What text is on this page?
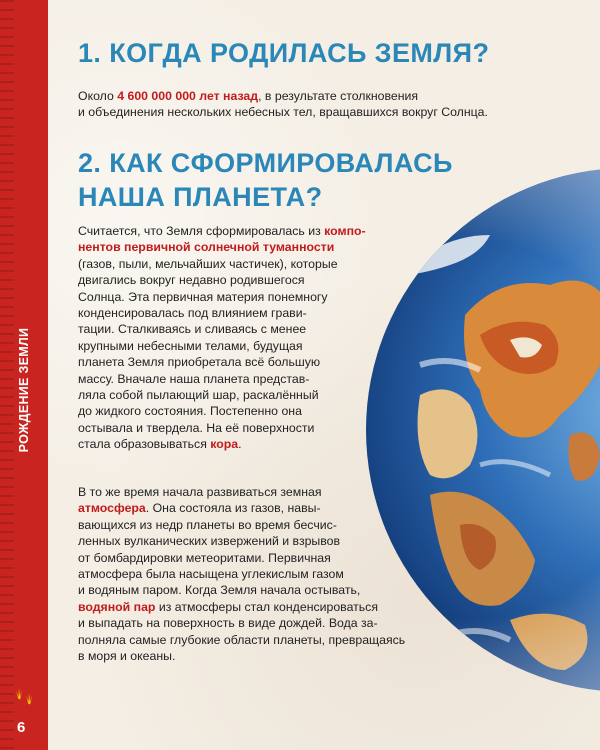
РОЖДЕНИЕ ЗЕМЛИ
6
1. КОГДА РОДИЛАСЬ ЗЕМЛЯ?

Около 4 600 000 000 лет назад, в результате столкновения
и объединения нескольких небесных тел, вращавшихся вокруг Солнца.

2. КАК СФОРМИРОВАЛАСЬ
НАША ПЛАНЕТА?

Считается, что Земля сформировалась из компо-
нентов первичной солнечной туманности
(газов, пыли, мельчайших частичек), которые
двигались вокруг недавно родившегося
Солнца. Эта первичная материя понемногу
конденсировалась под влиянием грави-
тации. Сталкиваясь и сливаясь с менее
крупными небесными телами, будущая
планета Земля приобретала всё большую
массу. Вначале наша планета представ-
ляла собой пылающий шар, раскалённый
до жидкого состояния. Постепенно она
остывала и твердела. На её поверхности
стала образовываться кора.

В то же время начала развиваться земная
атмосфера. Она состояла из газов, навы-
вающихся из недр планеты во время бесчис-
ленных вулканических извержений и взрывов
от бомбардировки метеоритами. Первичная
атмосфера была насыщена углекислым газом
и водяным паром. Когда Земля начала остывать,
водяной пар из атмосферы стал конденсироваться
и выпадать на поверхность в виде дождей. Вода за-
полняла самые глубокие области планеты, превращаясь
в моря и океаны.
